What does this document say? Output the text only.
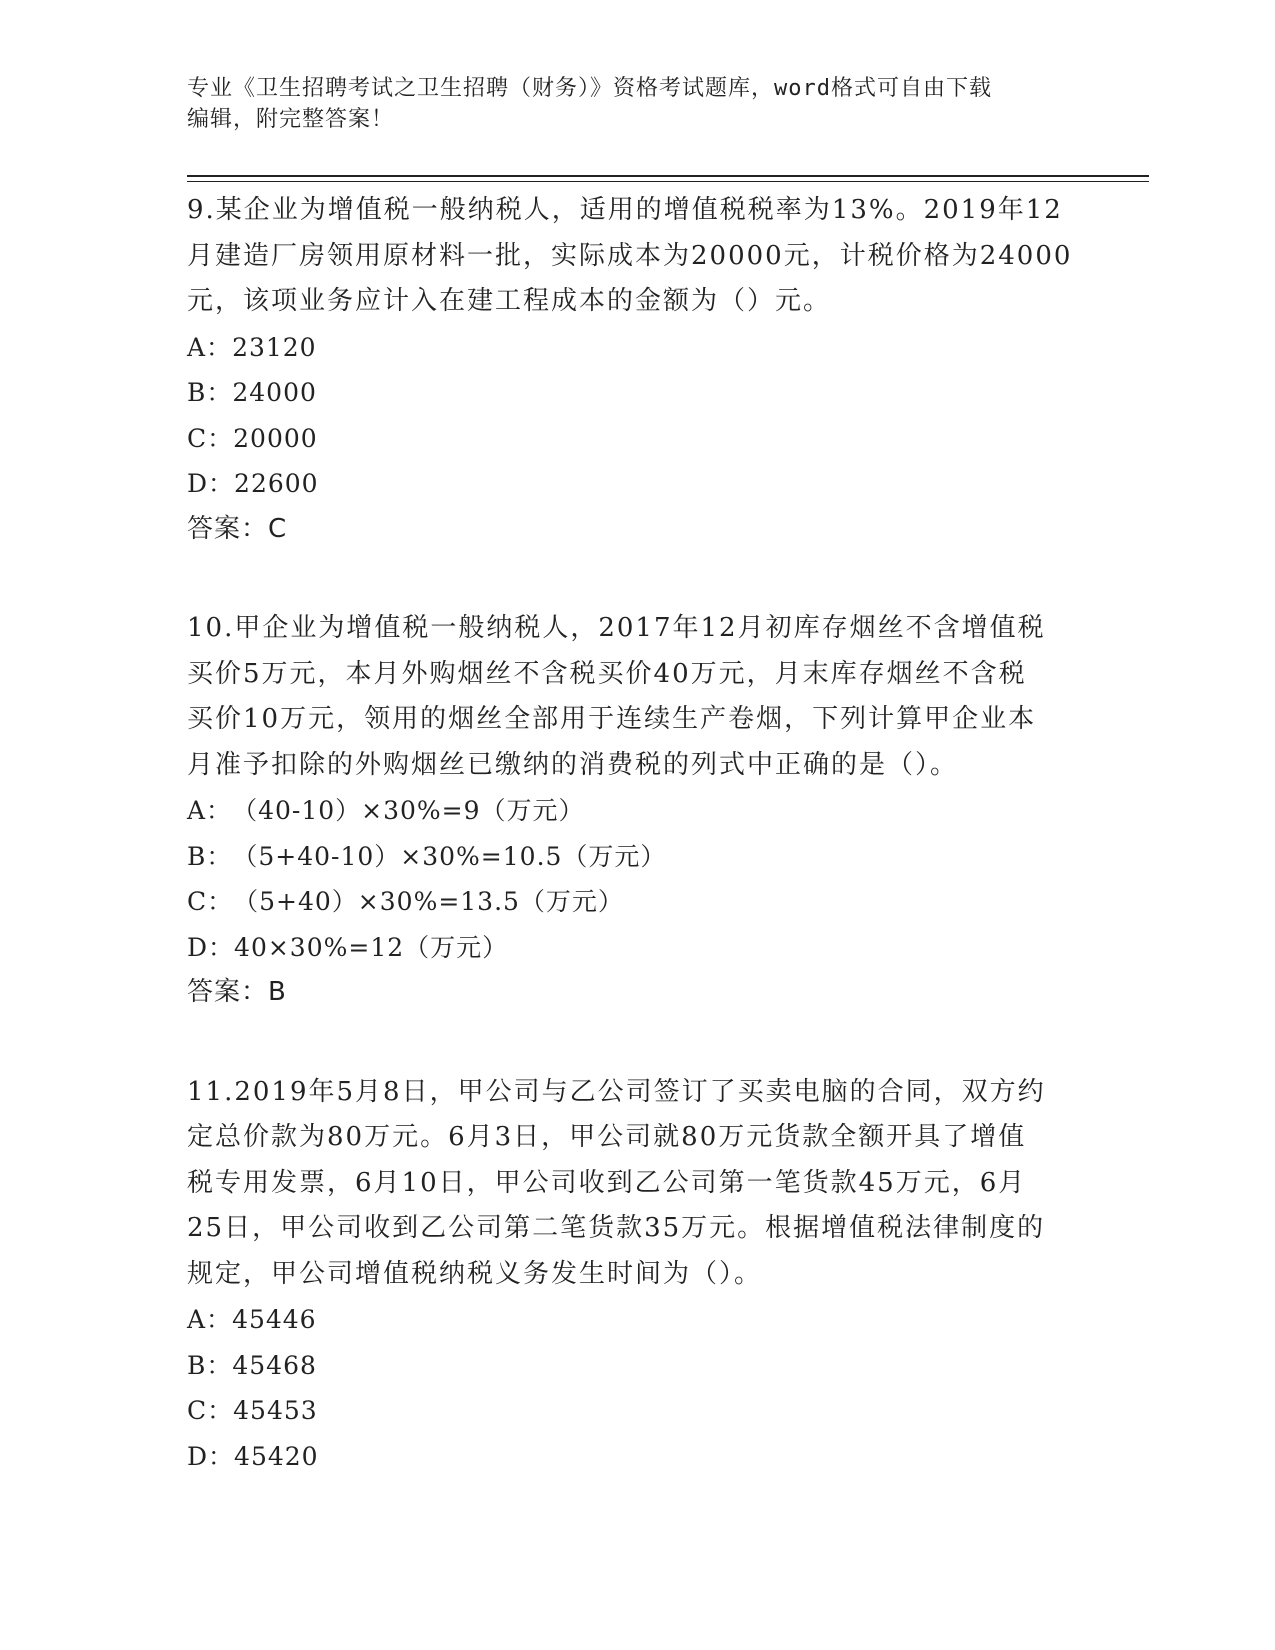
专业《卫生招聘考试之卫生招聘（财务）》资格考试题库，word格式可自由下载
编辑，附完整答案！
9.某企业为增值税一般纳税人，适用的增值税税率为13%。2019年12
月建造厂房领用原材料一批，实际成本为20000元，计税价格为24000
元，该项业务应计入在建工程成本的金额为（）元。
A：23120
B：24000
C：20000
D：22600
答案：C
10.甲企业为增值税一般纳税人，2017年12月初库存烟丝不含增值税
买价5万元，本月外购烟丝不含税买价40万元，月末库存烟丝不含税
买价10万元，领用的烟丝全部用于连续生产卷烟，下列计算甲企业本
月准予扣除的外购烟丝已缴纳的消费税的列式中正确的是（）。
A：（40-10）×30%=9（万元）
B：（5+40-10）×30%=10.5（万元）
C：（5+40）×30%=13.5（万元）
D：40×30%=12（万元）
答案：B
11.2019年5月8日，甲公司与乙公司签订了买卖电脑的合同，双方约
定总价款为80万元。6月3日，甲公司就80万元货款全额开具了增值
税专用发票，6月10日，甲公司收到乙公司第一笔货款45万元，6月
25日，甲公司收到乙公司第二笔货款35万元。根据增值税法律制度的
规定，甲公司增值税纳税义务发生时间为（）。
A：45446
B：45468
C：45453
D：45420
